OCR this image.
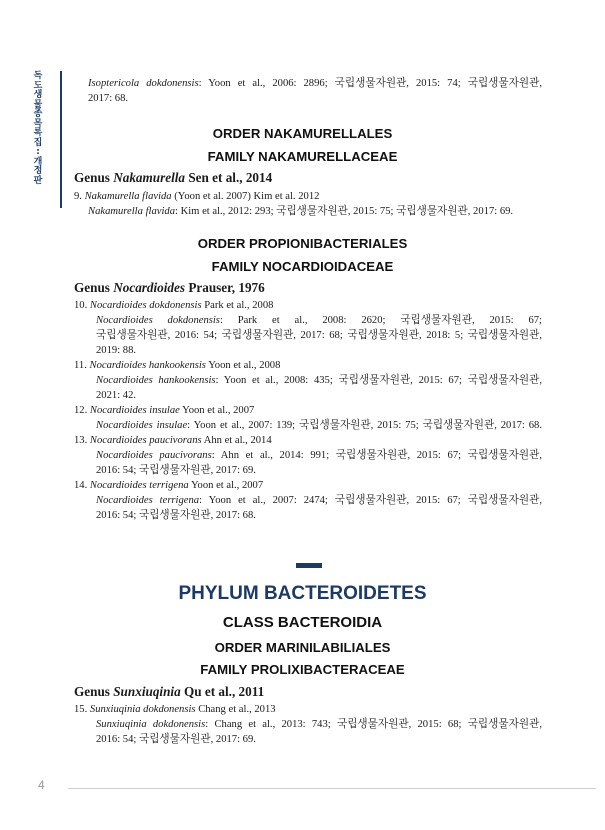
독
도
생
물
종
목
록
집
:
개
정
판
Isoptericola dokdonensis: Yoon et al., 2006: 2896; 국립생물자원관, 2015: 74; 국립생물자원관,
2017: 68.
ORDER NAKAMURELLALES
FAMILY NAKAMURELLACEAE
Genus Nakamurella Sen et al., 2014
9. Nakamurella flavida (Yoon et al. 2007) Kim et al. 2012
Nakamurella flavida: Kim et al., 2012: 293; 국립생물자원관, 2015: 75; 국립생물자원관, 2017: 69.
ORDER PROPIONIBACTERIALES
FAMILY NOCARDIOIDACEAE
Genus Nocardioides Prauser, 1976
10. Nocardioides dokdonensis Park et al., 2008
Nocardioides dokdonensis: Park et al., 2008: 2620; 국립생물자원관, 2015: 67;
국립생물자원관, 2016: 54; 국립생물자원관, 2017: 68; 국립생물자원관, 2018: 5; 국립생물자원관,
2019: 88.
11. Nocardioides hankookensis Yoon et al., 2008
Nocardioides hankookensis: Yoon et al., 2008: 435; 국립생물자원관, 2015: 67; 국립생물자원관,
2021: 42.
12. Nocardioides insulae Yoon et al., 2007
Nocardioides insulae: Yoon et al., 2007: 139; 국립생물자원관, 2015: 75; 국립생물자원관, 2017: 68.
13. Nocardioides paucivorans Ahn et al., 2014
Nocardioides paucivorans: Ahn et al., 2014: 991; 국립생물자원관, 2015: 67; 국립생물자원관,
2016: 54; 국립생물자원관, 2017: 69.
14. Nocardioides terrigena Yoon et al., 2007
Nocardioides terrigena: Yoon et al., 2007: 2474; 국립생물자원관, 2015: 67; 국립생물자원관,
2016: 54; 국립생물자원관, 2017: 68.
PHYLUM BACTEROIDETES
CLASS BACTEROIDIA
ORDER MARINILABILIALES
FAMILY PROLIXIBACTERACEAE
Genus Sunxiuqinia Qu et al., 2011
15. Sunxiuqinia dokdonensis Chang et al., 2013
Sunxiuqinia dokdonensis: Chang et al., 2013: 743; 국립생물자원관, 2015: 68; 국립생물자원관,
2016: 54; 국립생물자원관, 2017: 69.
4
